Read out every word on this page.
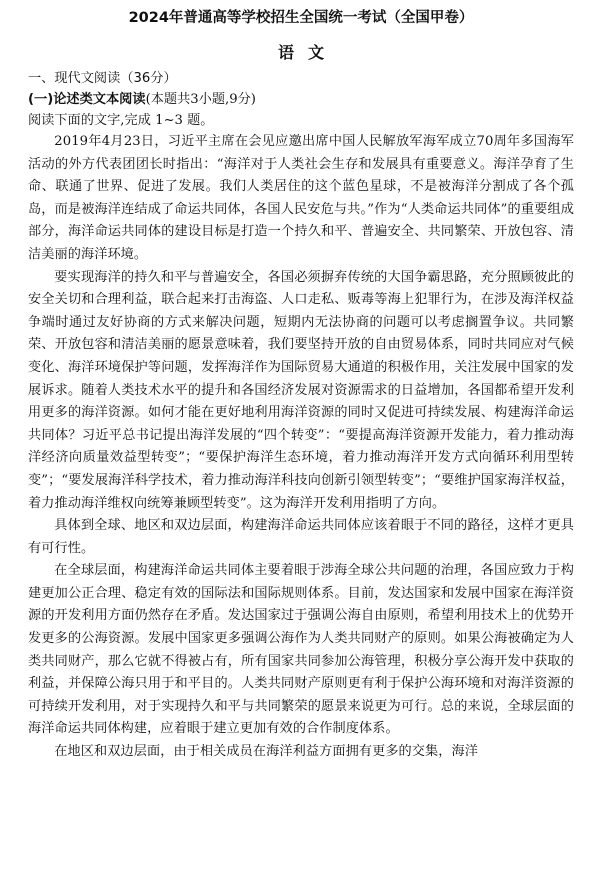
2024年普通高等学校招生全国统一考试（全国甲卷）
语文
一、现代文阅读（36分）
(一)论述类文本阅读(本题共3小题,9分)
阅读下面的文字,完成 1~3 题。

2019年4月23日，习近平主席在会见应邀出席中国人民解放军海军成立70周年多国海军活动的外方代表团团长时指出：“海洋对于人类社会生存和发展具有重要意义。海洋孕育了生命、联通了世界、促进了发展。我们人类居住的这个蓝色星球，不是被海洋分割成了各个孤岛，而是被海洋连结成了命运共同体，各国人民安危与共。”作为“人类命运共同体”的重要组成部分，海洋命运共同体的建设目标是打造一个持久和平、普遍安全、共同繁荣、开放包容、清洁美丽的海洋环境。

要实现海洋的持久和平与普遍安全，各国必须摒弃传统的大国争霸思路，充分照顾彼此的安全关切和合理利益，联合起来打击海盗、人口走私、贩毒等海上犯罪行为，在涉及海洋权益争端时通过友好协商的方式来解决问题，短期内无法协商的问题可以考虑搁置争议。共同繁荣、开放包容和清洁美丽的愿景意味着，我们要坚持开放的自由贸易体系，同时共同应对气候变化、海洋环境保护等问题，发挥海洋作为国际贸易大通道的积极作用，关注发展中国家的发展诉求。随着人类技术水平的提升和各国经济发展对资源需求的日益增加，各国都希望开发利用更多的海洋资源。如何才能在更好地利用海洋资源的同时又促进可持续发展、构建海洋命运共同体？习近平总书记提出海洋发展的“四个转变”：“要提高海洋资源开发能力，着力推动海洋经济向质量效益型转变”；“要保护海洋生态环境，着力推动海洋开发方式向循环利用型转变”；“要发展海洋科学技术，着力推动海洋科技向创新引领型转变”；“要维护国家海洋权益，着力推动海洋维权向统筹兼顾型转变”。这为海洋开发利用指明了方向。

具体到全球、地区和双边层面，构建海洋命运共同体应该着眼于不同的路径，这样才更具有可行性。

在全球层面，构建海洋命运共同体主要着眼于涉海全球公共问题的治理，各国应致力于构建更加公正合理、稳定有效的国际法和国际规则体系。目前，发达国家和发展中国家在海洋资源的开发利用方面仍然存在矛盾。发达国家过于强调公海自由原则，希望利用技术上的优势开发更多的公海资源。发展中国家更多强调公海作为人类共同财产的原则。如果公海被确定为人类共同财产，那么它就不得被占有，所有国家共同参加公海管理，积极分享公海开发中获取的利益，并保障公海只用于和平目的。人类共同财产原则更有利于保护公海环境和对海洋资源的可持续开发利用，对于实现持久和平与共同繁荣的愿景来说更为可行。总的来说，全球层面的海洋命运共同体构建，应着眼于建立更加有效的合作制度体系。

在地区和双边层面，由于相关成员在海洋利益方面拥有更多的交集，海洋
